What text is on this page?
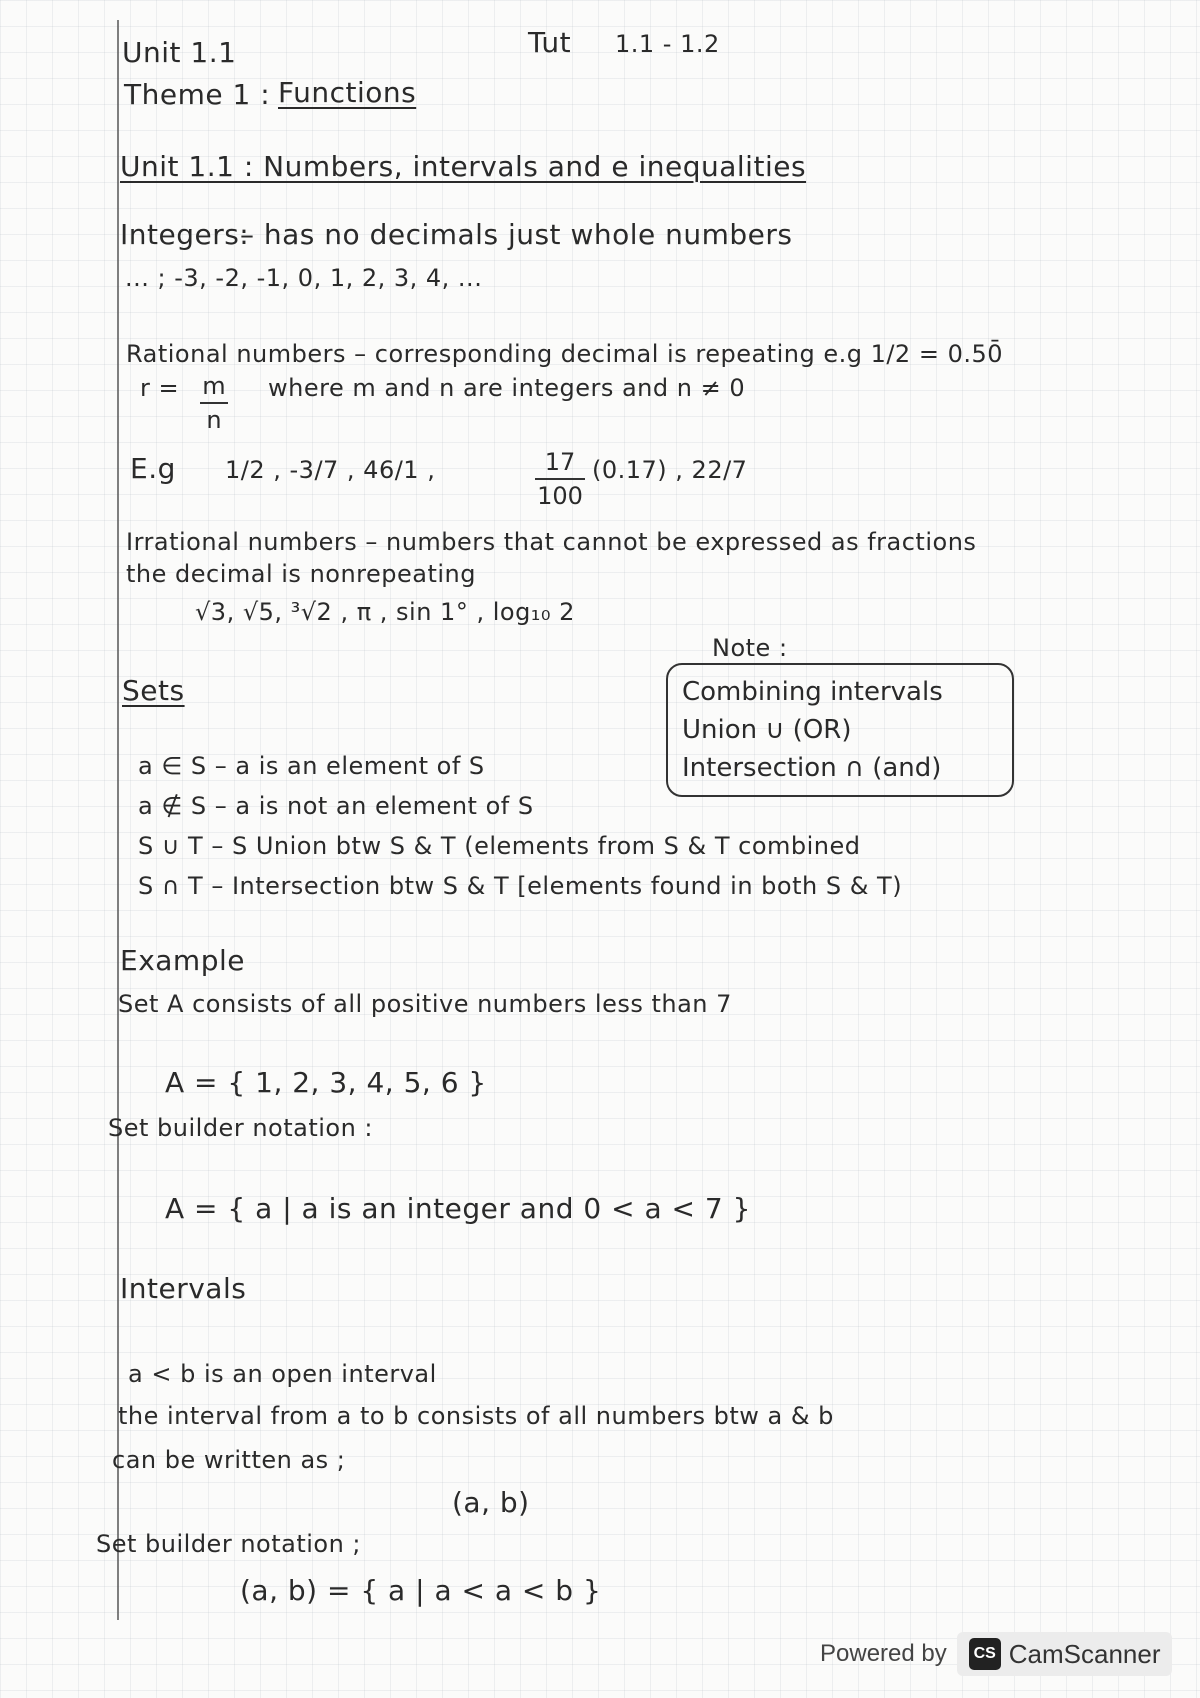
Unit 1.1	Tut 1.1 - 1.2
Theme 1 : Functions
Unit 1.1 : Numbers, intervals and e inequalities
Integers:
– has no decimals just whole numbers
... ; -3, -2, -1, 0, 1, 2, 3, 4, ...
Rational numbers – corresponding decimal is repeating e.g 1/2 = 0.50̄
r = m
n
where m and n are integers and n ≠ 0
E.g 1/2 , -3/7 , 46/1 ,	17
100
(0.17) , 22/7
Irrational numbers – numbers that cannot be expressed as fractions
the decimal is nonrepeating
√3, √5, ³√2 , π , sin 1° , log₁₀ 2
Note :
Combining intervals
Union ∪ (OR)
Intersection ∩ (and)
Sets
a ∈ S – a is an element of S
a ∉ S – a is not an element of S
S ∪ T – S Union btw S & T (elements from S & T combined
S ∩ T – Intersection btw S & T [elements found in both S & T)
Example
Set A consists of all positive numbers less than 7
A = { 1, 2, 3, 4, 5, 6 }
Set builder notation :
A = { a | a is an integer and 0 < a < 7 }
Intervals
a < b is an open interval
the interval from a to b consists of all numbers btw a & b
can be written as ;
(a, b)
Set builder notation ;
(a, b) = { a | a < a < b }
Powered by	CS CamScanner
